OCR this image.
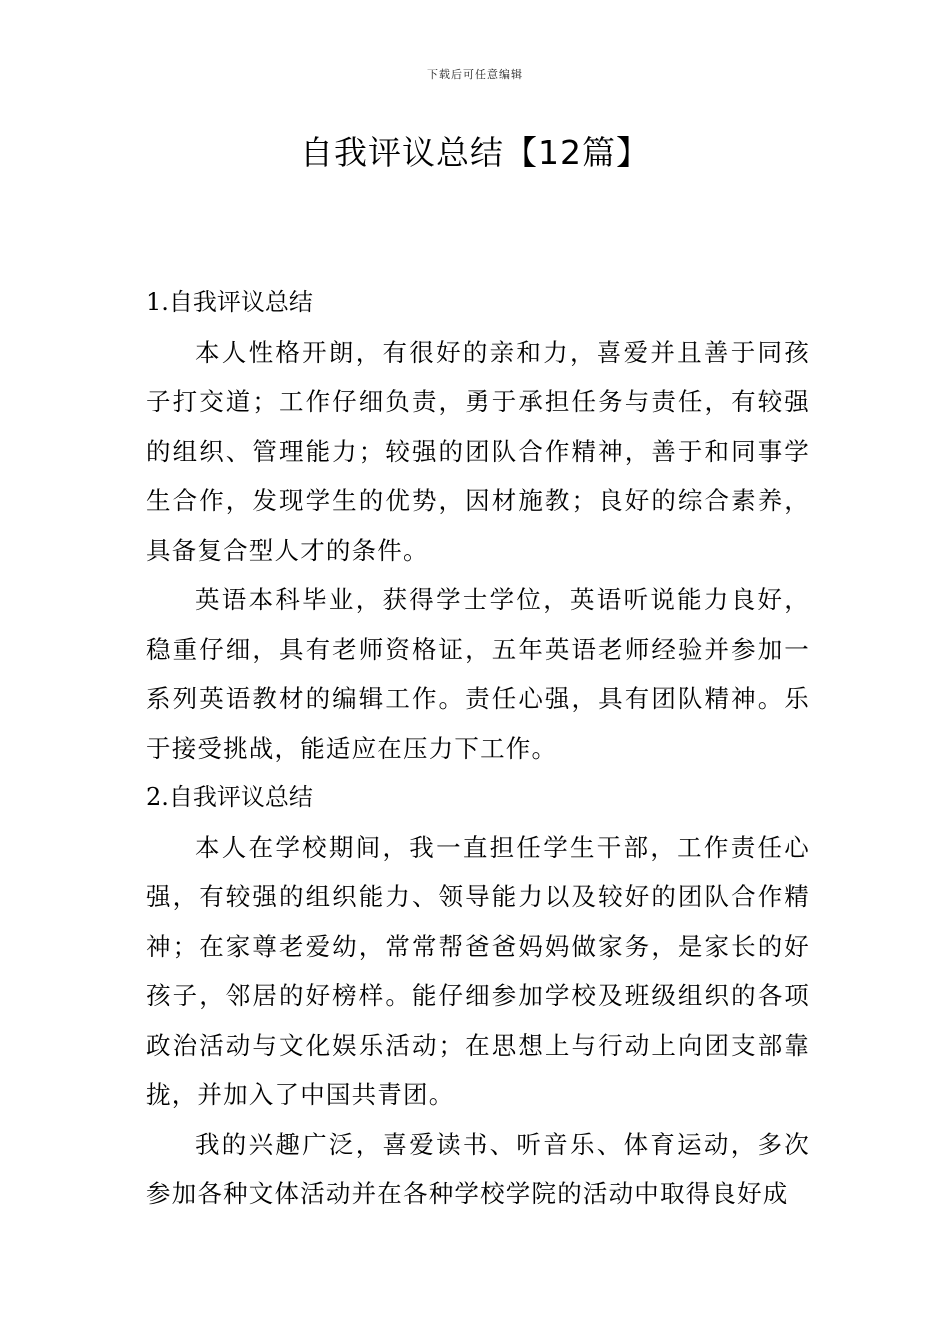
下载后可任意编辑
自我评议总结【12篇】
1.自我评议总结

本人性格开朗，有很好的亲和力，喜爱并且善于同孩子打交道；工作仔细负责，勇于承担任务与责任，有较强的组织、管理能力；较强的团队合作精神，善于和同事学生合作，发现学生的优势，因材施教；良好的综合素养，具备复合型人才的条件。

英语本科毕业，获得学士学位，英语听说能力良好，稳重仔细，具有老师资格证，五年英语老师经验并参加一系列英语教材的编辑工作。责任心强，具有团队精神。乐于接受挑战，能适应在压力下工作。

2.自我评议总结

本人在学校期间，我一直担任学生干部，工作责任心强，有较强的组织能力、领导能力以及较好的团队合作精神；在家尊老爱幼，常常帮爸爸妈妈做家务，是家长的好孩子，邻居的好榜样。能仔细参加学校及班级组织的各项政治活动与文化娱乐活动；在思想上与行动上向团支部靠拢，并加入了中国共青团。

我的兴趣广泛，喜爱读书、听音乐、体育运动，多次参加各种文体活动并在各种学校学院的活动中取得良好成
